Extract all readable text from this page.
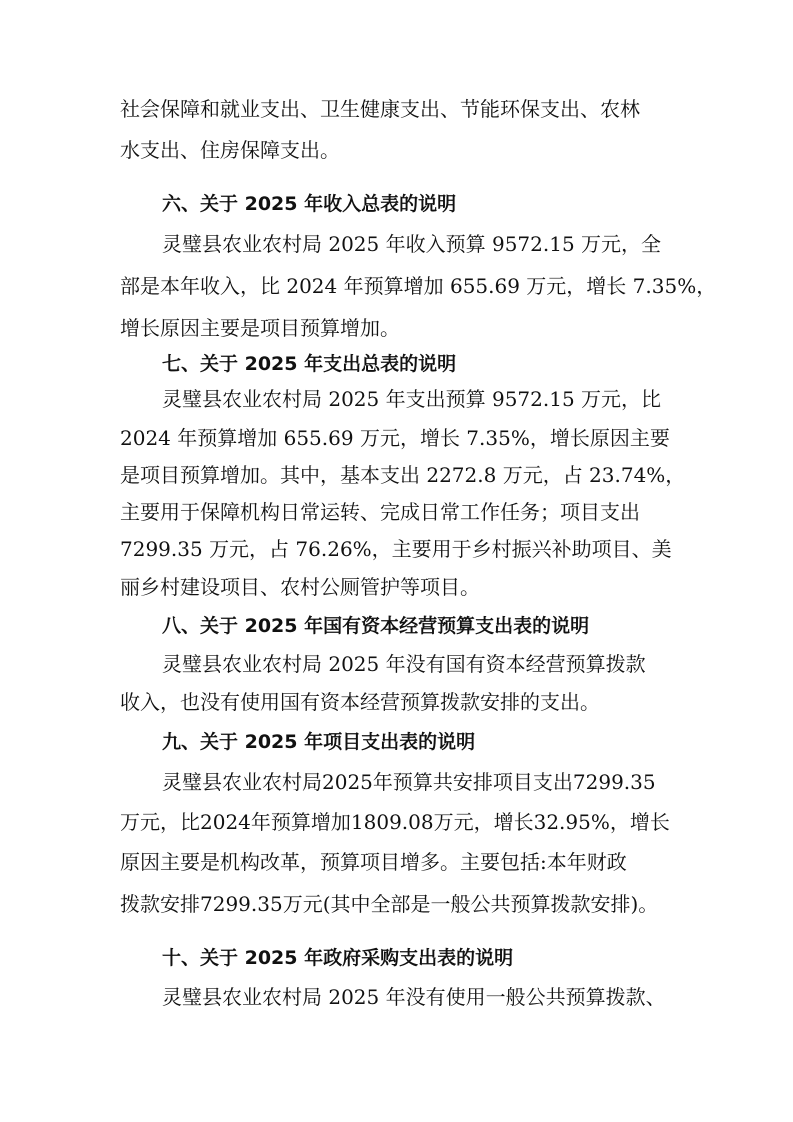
社会保障和就业支出、卫生健康支出、节能环保支出、农林
水支出、住房保障支出。
六、关于 2025 年收入总表的说明
灵璧县农业农村局 2025 年收入预算 9572.15 万元，全
部是本年收入，比 2024 年预算增加 655.69 万元，增长 7.35%，
增长原因主要是项目预算增加。
七、关于 2025 年支出总表的说明
灵璧县农业农村局 2025 年支出预算 9572.15 万元，比
2024 年预算增加 655.69 万元，增长 7.35%，增长原因主要
是项目预算增加。其中，基本支出 2272.8 万元，占 23.74%，
主要用于保障机构日常运转、完成日常工作任务；项目支出
7299.35 万元，占 76.26%，主要用于乡村振兴补助项目、美
丽乡村建设项目、农村公厕管护等项目。
八、关于 2025 年国有资本经营预算支出表的说明
灵璧县农业农村局 2025 年没有国有资本经营预算拨款
收入，也没有使用国有资本经营预算拨款安排的支出。
九、关于 2025 年项目支出表的说明
灵璧县农业农村局2025年预算共安排项目支出7299.35
万元，比2024年预算增加1809.08万元，增长32.95%，增长
原因主要是机构改革，预算项目增多。主要包括:本年财政
拨款安排7299.35万元(其中全部是一般公共预算拨款安排)。
十、关于 2025 年政府采购支出表的说明
灵璧县农业农村局 2025 年没有使用一般公共预算拨款、
